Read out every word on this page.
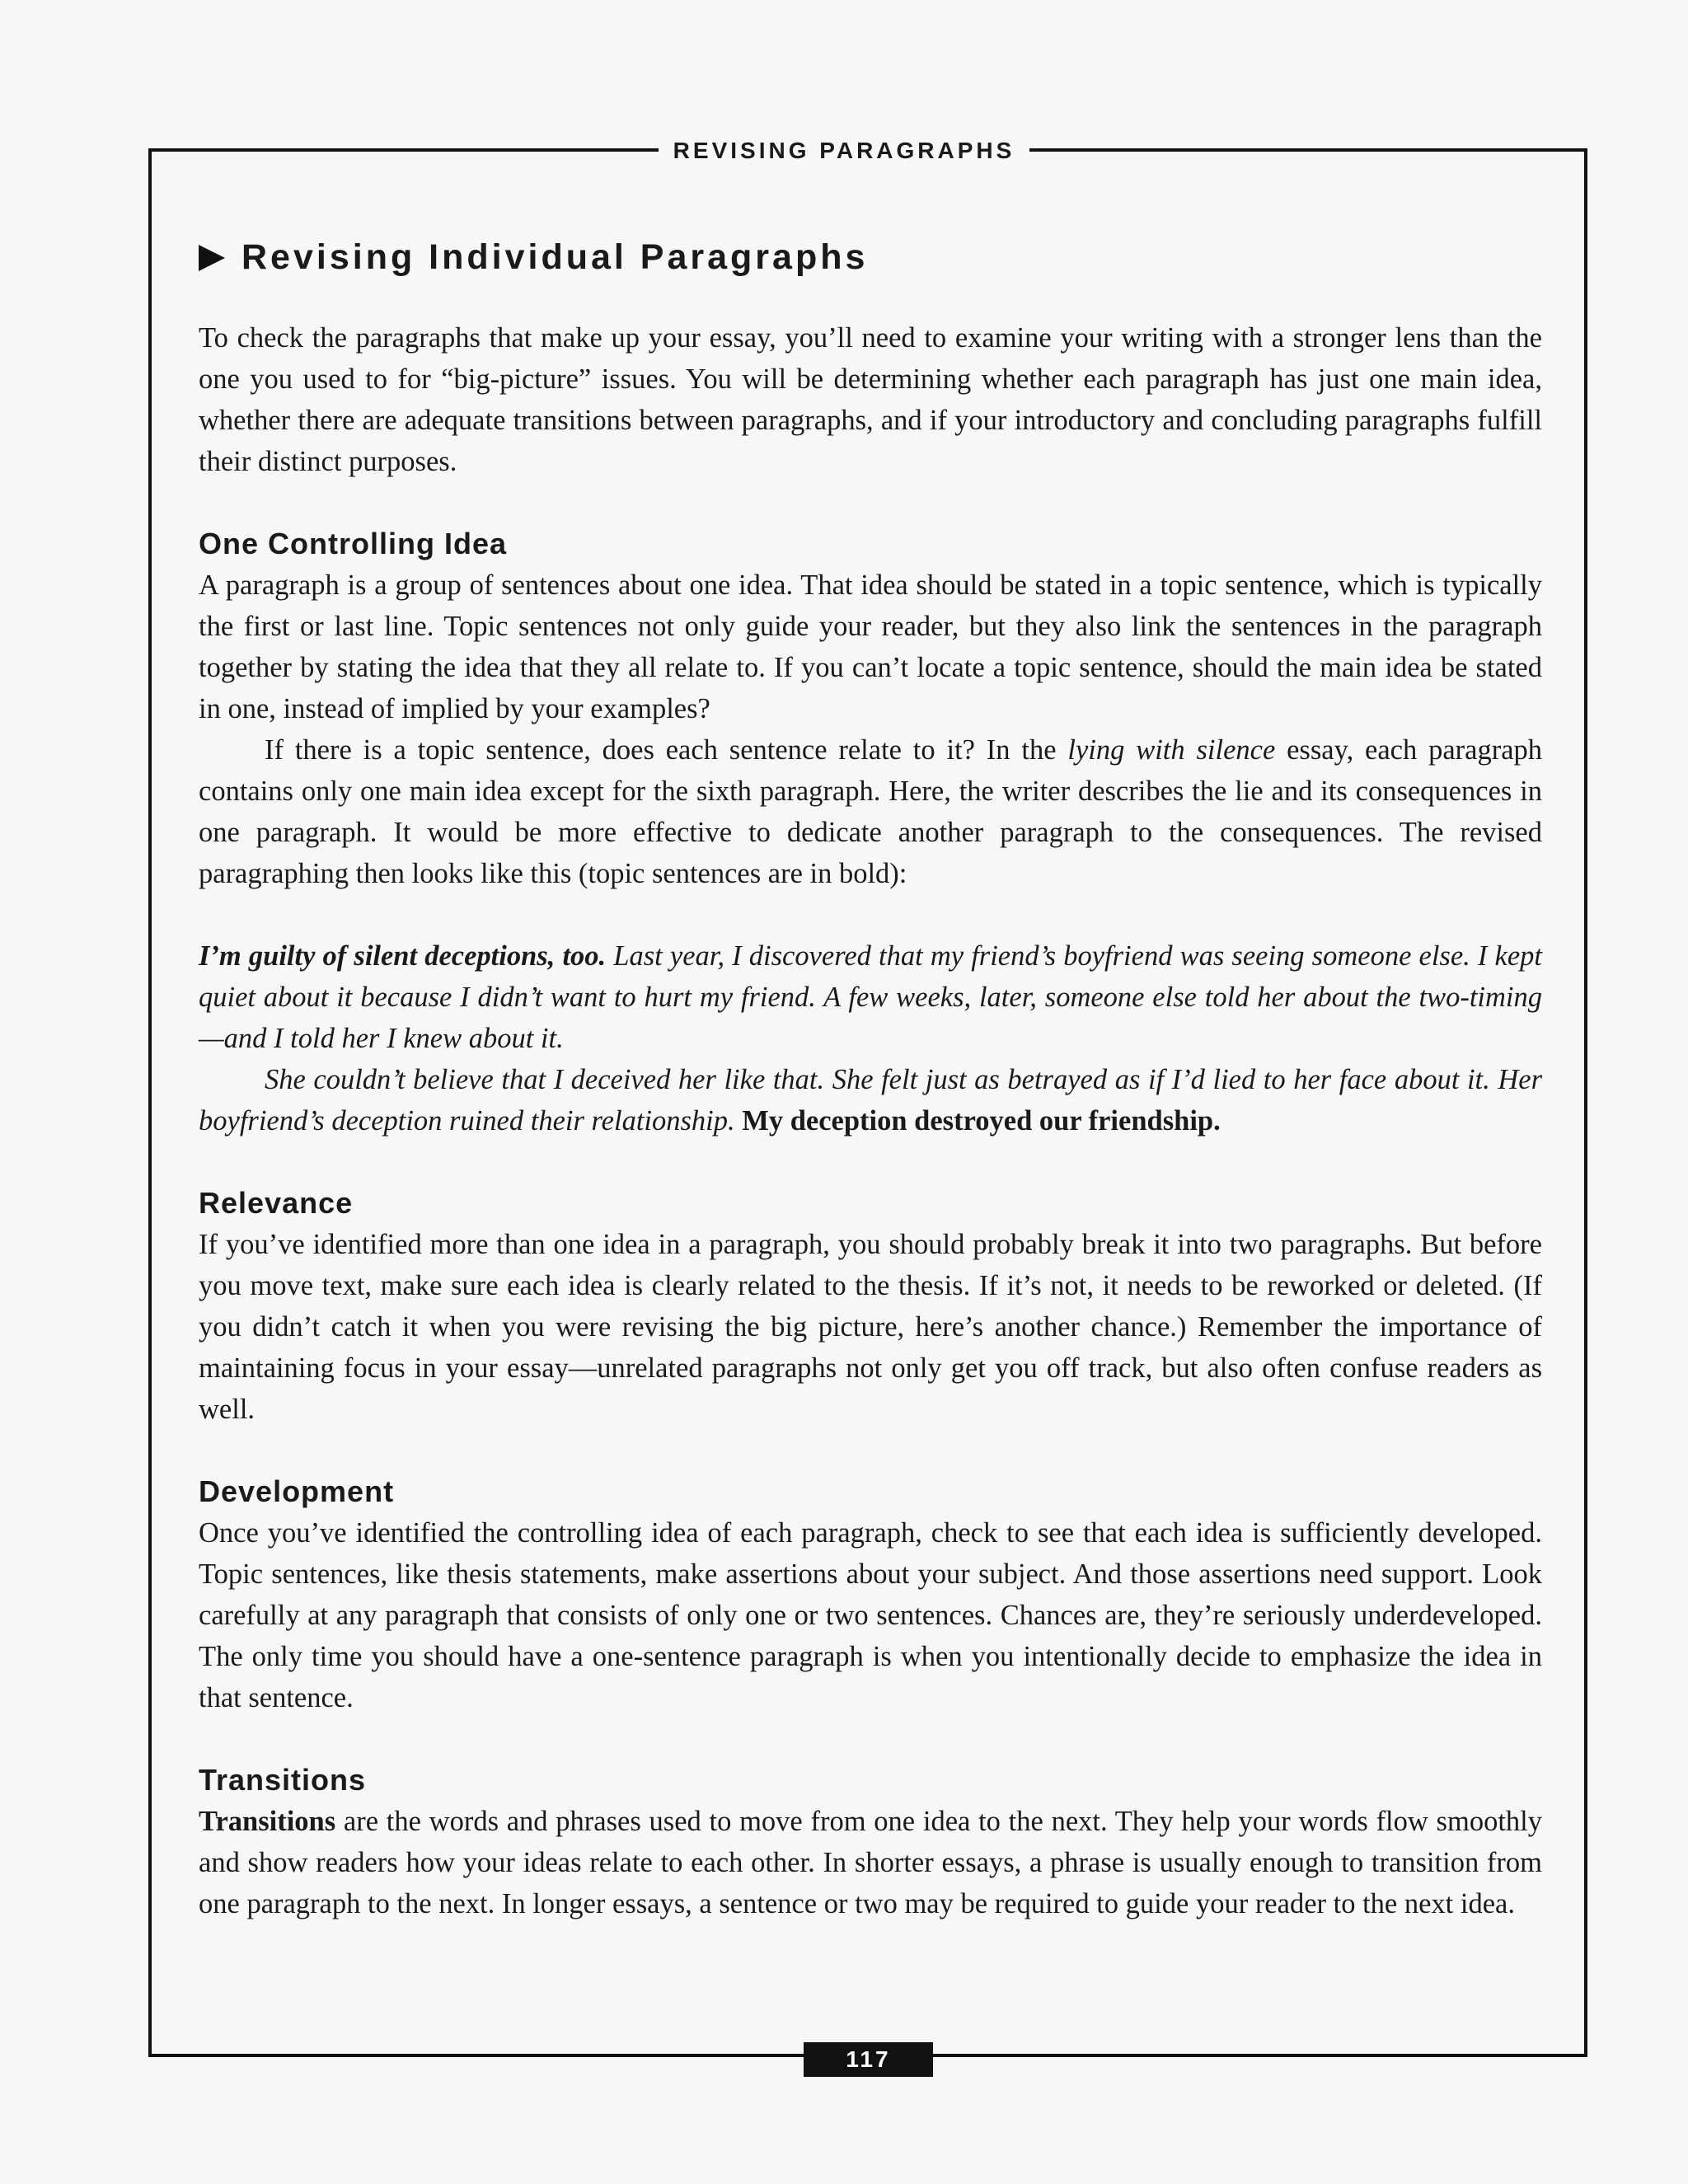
REVISING PARAGRAPHS
Revising Individual Paragraphs

To check the paragraphs that make up your essay, you’ll need to examine your writing with a stronger lens than the one you used to for “big-picture” issues. You will be determining whether each paragraph has just one main idea, whether there are adequate transitions between paragraphs, and if your introductory and concluding paragraphs fulfill their distinct purposes.

One Controlling Idea

A paragraph is a group of sentences about one idea. That idea should be stated in a topic sentence, which is typically the first or last line. Topic sentences not only guide your reader, but they also link the sentences in the paragraph together by stating the idea that they all relate to. If you can’t locate a topic sentence, should the main idea be stated in one, instead of implied by your examples?

If there is a topic sentence, does each sentence relate to it? In the lying with silence essay, each paragraph contains only one main idea except for the sixth paragraph. Here, the writer describes the lie and its consequences in one paragraph. It would be more effective to dedicate another paragraph to the consequences. The revised paragraphing then looks like this (topic sentences are in bold):

I’m guilty of silent deceptions, too. Last year, I discovered that my friend’s boyfriend was seeing someone else. I kept quiet about it because I didn’t want to hurt my friend. A few weeks, later, someone else told her about the two-timing—and I told her I knew about it.

She couldn’t believe that I deceived her like that. She felt just as betrayed as if I’d lied to her face about it. Her boyfriend’s deception ruined their relationship. My deception destroyed our friendship.

Relevance

If you’ve identified more than one idea in a paragraph, you should probably break it into two paragraphs. But before you move text, make sure each idea is clearly related to the thesis. If it’s not, it needs to be reworked or deleted. (If you didn’t catch it when you were revising the big picture, here’s another chance.) Remember the importance of maintaining focus in your essay—unrelated paragraphs not only get you off track, but also often confuse readers as well.

Development

Once you’ve identified the controlling idea of each paragraph, check to see that each idea is sufficiently developed. Topic sentences, like thesis statements, make assertions about your subject. And those assertions need support. Look carefully at any paragraph that consists of only one or two sentences. Chances are, they’re seriously underdeveloped. The only time you should have a one-sentence paragraph is when you intentionally decide to emphasize the idea in that sentence.

Transitions

Transitions are the words and phrases used to move from one idea to the next. They help your words flow smoothly and show readers how your ideas relate to each other. In shorter essays, a phrase is usually enough to transition from one paragraph to the next. In longer essays, a sentence or two may be required to guide your reader to the next idea.

117
